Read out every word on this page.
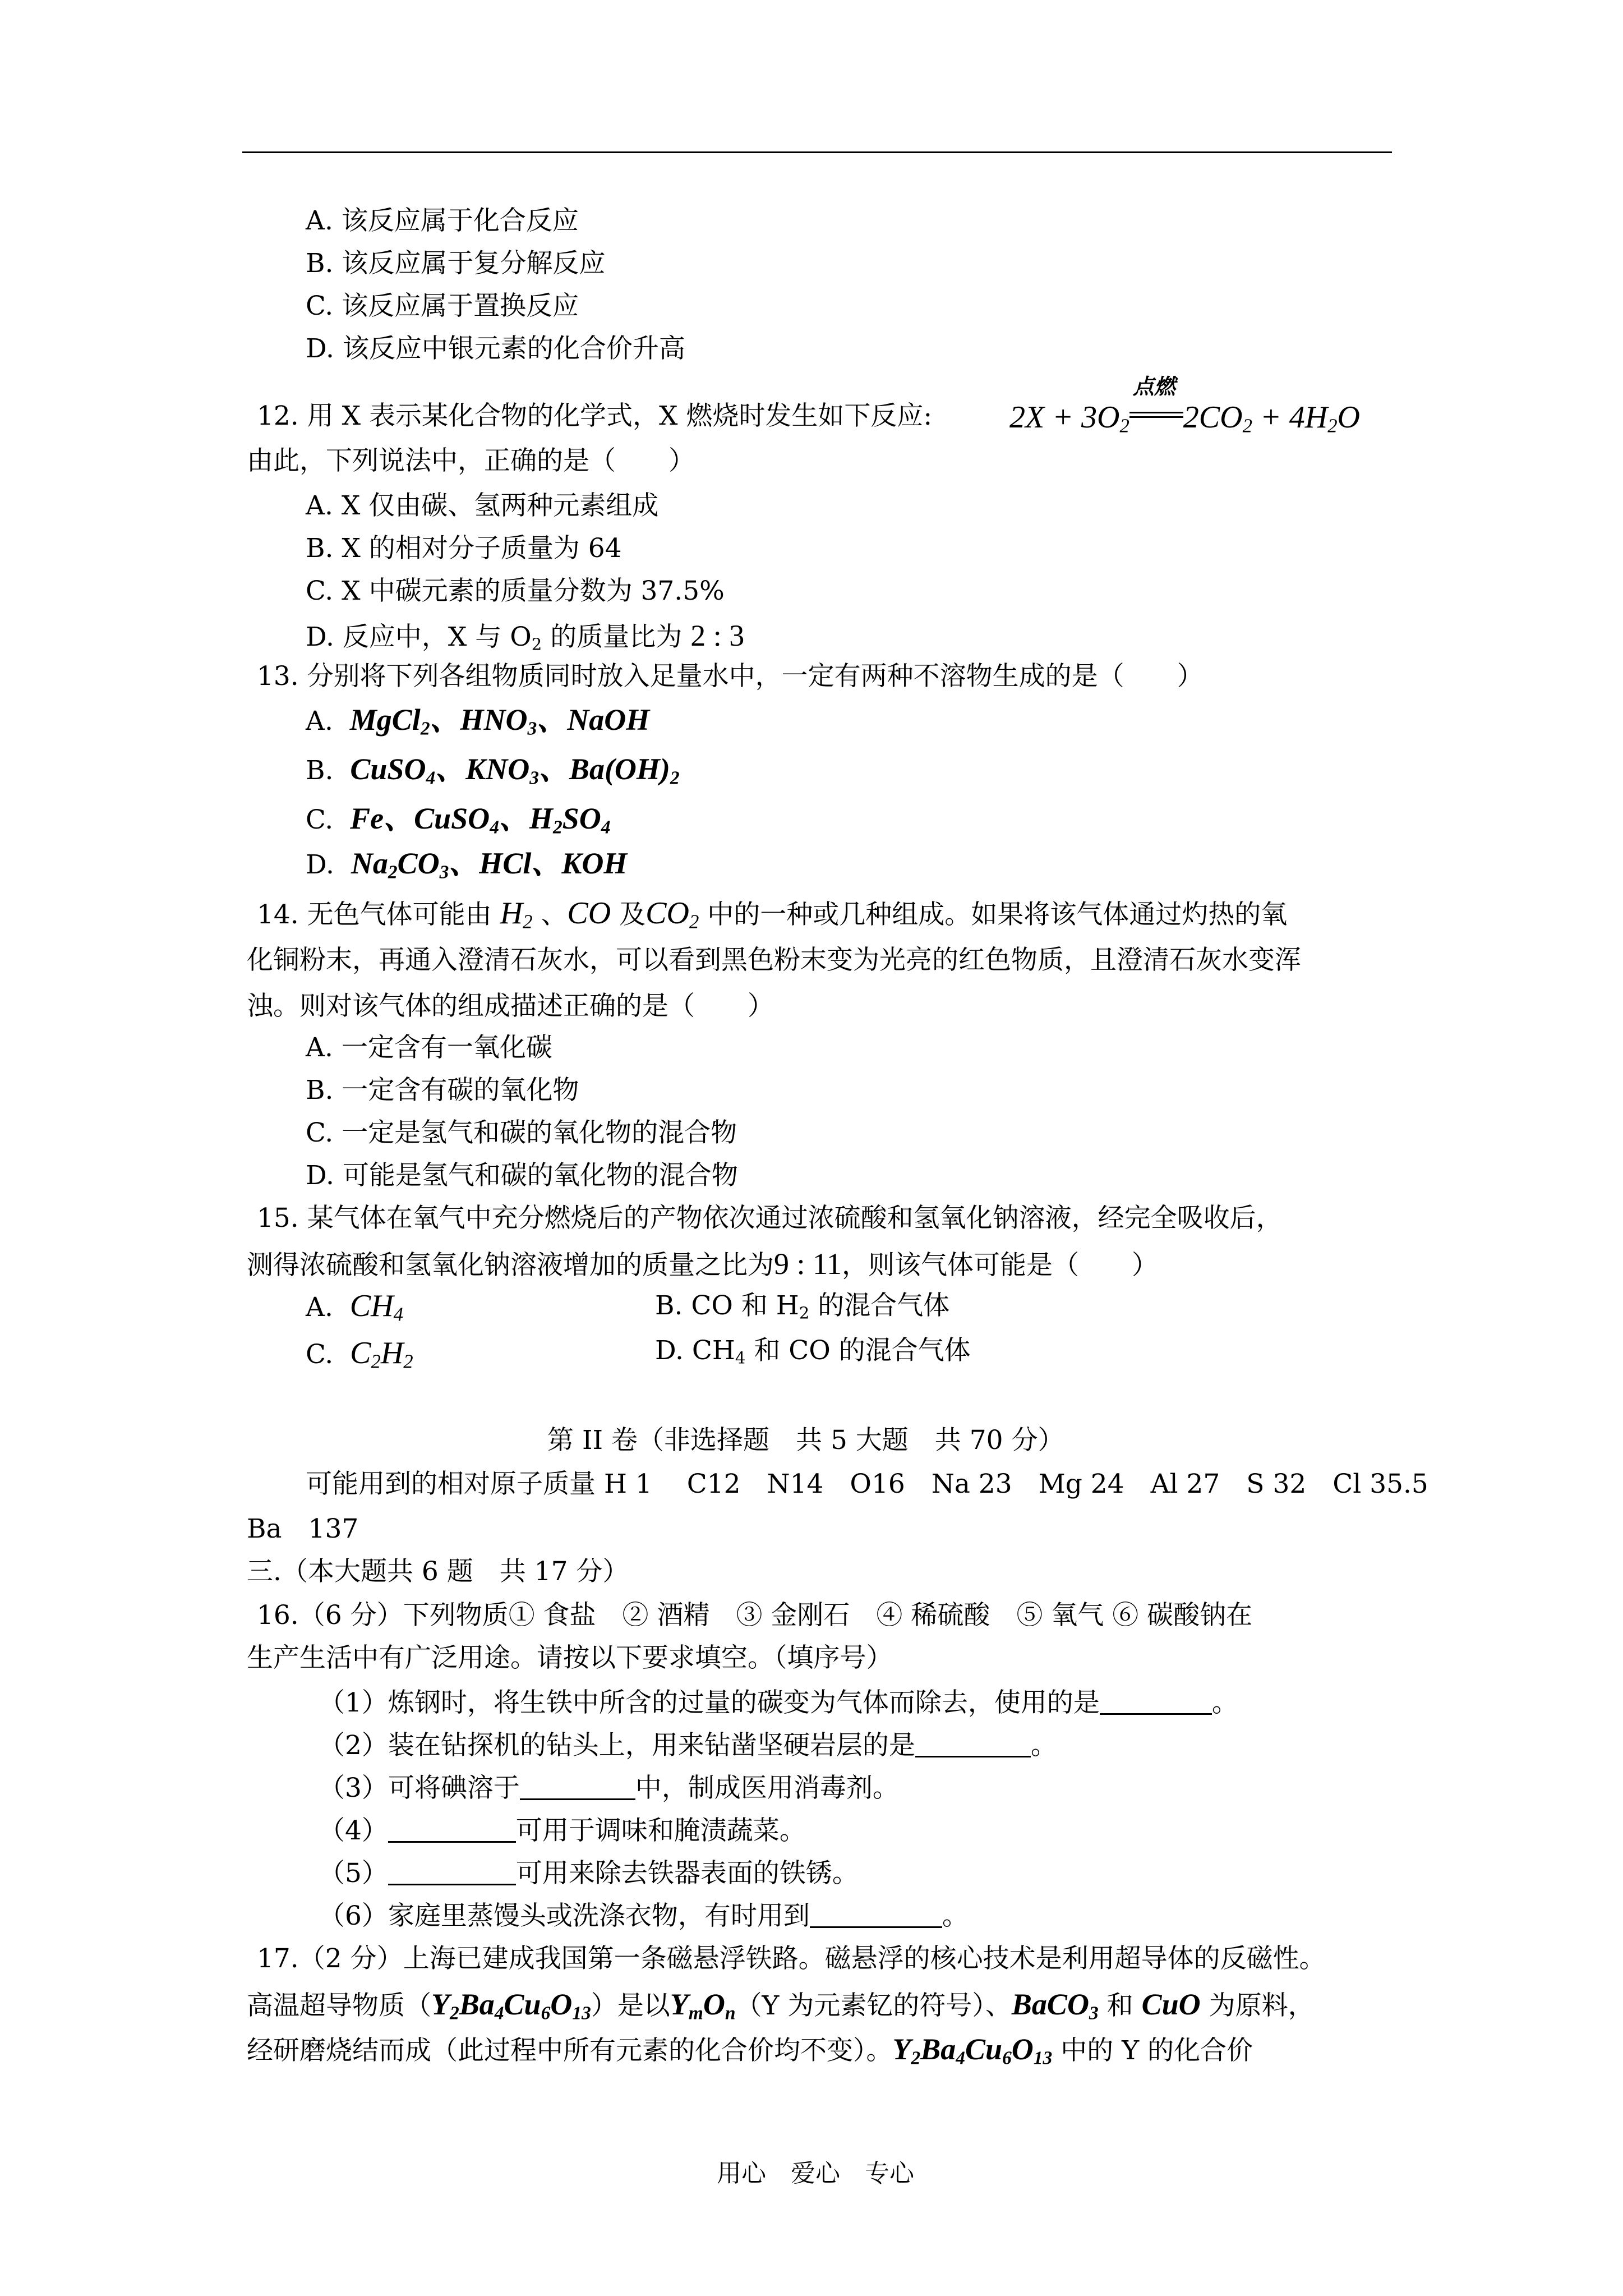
A. 该反应属于化合反应
B. 该反应属于复分解反应
C. 该反应属于置换反应
D. 该反应中银元素的化合价升高
12. 用 X 表示某化合物的化学式，X 燃烧时发生如下反应: $2X + 3O_2$
点燃
$2CO_2 + 4H_2O$
由此，下列说法中，正确的是（　　）
A. X 仅由碳、氢两种元素组成
B. X 的相对分子质量为 64
C. X 中碳元素的质量分数为 37.5%
D. 反应中，X 与 $O_2$ 的质量比为 2 : 3
13. 分别将下列各组物质同时放入足量水中，一定有两种不溶物生成的是（　　）
A.  MgCl$_2$、$HNO_3$、NaOH
B.  CuSO$_4$、$KNO_3$、$Ba(OH)_2$
C.  Fe、CuSO$_4$、$H_2SO_4$
D.  $Na_2CO_3$、HCl、KOH
14. 无色气体可能由 $H_2$ 、CO 及$CO_2$ 中的一种或几种组成。如果将该气体通过灼热的氧
化铜粉末，再通入澄清石灰水，可以看到黑色粉末变为光亮的红色物质，且澄清石灰水变浑
浊。则对该气体的组成描述正确的是（　　）
A. 一定含有一氧化碳
B. 一定含有碳的氧化物
C. 一定是氢气和碳的氧化物的混合物
D. 可能是氢气和碳的氧化物的混合物
15. 某气体在氧气中充分燃烧后的产物依次通过浓硫酸和氢氧化钠溶液，经完全吸收后，
测得浓硫酸和氢氧化钠溶液增加的质量之比为9 : 11，则该气体可能是（　　）
A. $CH_4$	B. CO 和 $H_2$ 的混合气体
C. $C_2H_2$	D. $CH_4$ 和 CO 的混合气体
第 II 卷（非选择题　共 5 大题　共 70 分）
可能用到的相对原子质量 H 1　 C12　N14　O16　Na 23　Mg 24　Al 27　S 32　Cl 35.5
Ba　137
三.（本大题共 6 题　共 17 分）
16.（6 分）下列物质① 食盐　② 酒精　③ 金刚石　④ 稀硫酸　⑤ 氧气 ⑥ 碳酸钠在
生产生活中有广泛用途。请按以下要求填空。（填序号）
（1）炼钢时，将生铁中所含的过量的碳变为气体而除去，使用的是	。
（2）装在钻探机的钻头上，用来钻凿坚硬岩层的是	。
（3）可将碘溶于	中，制成医用消毒剂。
（4）	可用于调味和腌渍蔬菜。
（5）	可用来除去铁器表面的铁锈。
（6）家庭里蒸馒头或洗涤衣物，有时用到	。
17.（2 分）上海已建成我国第一条磁悬浮铁路。磁悬浮的核心技术是利用超导体的反磁性。
高温超导物质$(Y_2Ba_4Cu_6O_{13})$是以$Y_mO_n(Y$ 为元素钇的符号）、BaCO$_3$ 和 CuO 为原料，
经研磨烧结而成（此过程中所有元素的化合价均不变）。$Y_2Ba_4Cu_6O_{13}$ 中的 Y 的化合价
用心　爱心　专心
